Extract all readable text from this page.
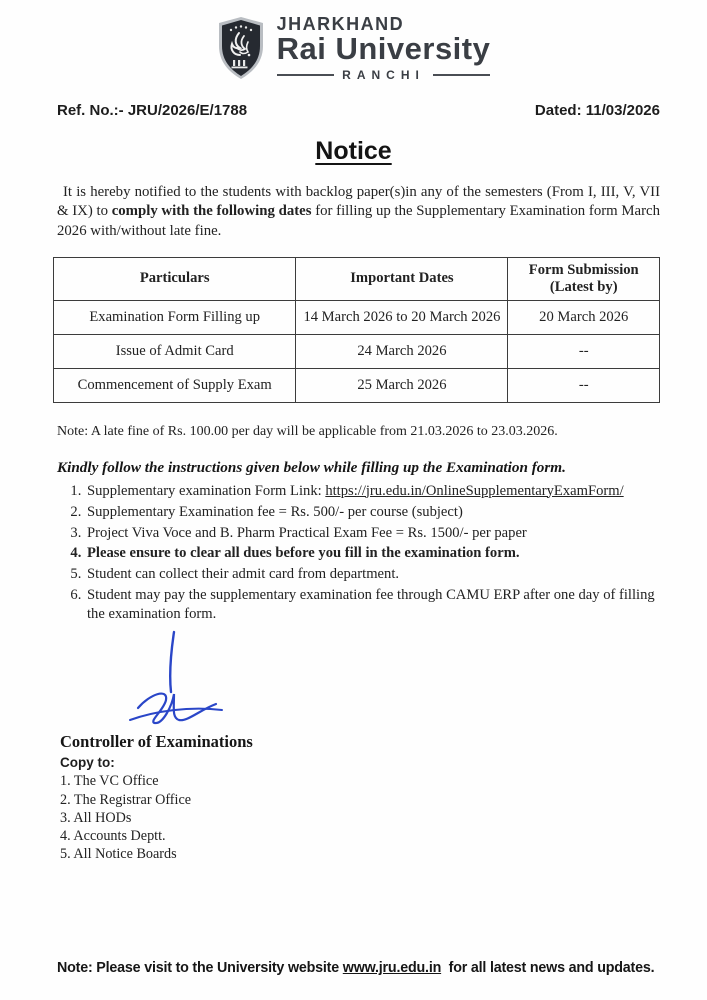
JHARKHAND
Rai University
RANCHI
Ref. No.:- JRU/2026/E/1788	Dated: 11/03/2026
Notice

It is hereby notified to the students with backlog paper(s)in any of the semesters (From I, III, V, VII & IX) to comply with the following dates for filling up the Supplementary Examination form March 2026 with/without late fine.

Particulars	Important Dates	Form Submission
(Latest by)

Examination Form Filling up	14 March 2026 to 20 March 2026	20 March 2026
Issue of Admit Card	24 March 2026	--
Commencement of Supply Exam	25 March 2026	--
Note: A late fine of Rs. 100.00 per day will be applicable from 21.03.2026 to 23.03.2026.
Kindly follow the instructions given below while filling up the Examination form.
1. Supplementary examination Form Link: https://jru.edu.in/OnlineSupplementaryExamForm/
2. Supplementary Examination fee = Rs. 500/- per course (subject)
3. Project Viva Voce and B. Pharm Practical Exam Fee = Rs. 1500/- per paper
4. Please ensure to clear all dues before you fill in the examination form.
5. Student can collect their admit card from department.
6. Student may pay the supplementary examination fee through CAMU ERP after one day of filling the examination form.
Controller of Examinations
Copy to:
1. The VC Office
2. The Registrar Office
3. All HODs
4. Accounts Deptt.
5. All Notice Boards
Note: Please visit to the University website www.jru.edu.in  for all latest news and updates.
